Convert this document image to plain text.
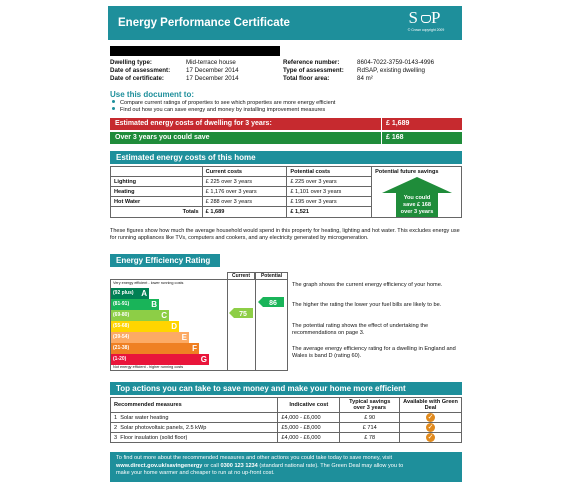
Energy Performance Certificate	S P
© Crown copyright 2009
Dwelling type:	Mid-terrace house
Date of assessment:	17 December 2014
Date of certificate:	17 December 2014
Reference number:	8604-7022-3759-0143-4996
Type of assessment: RdSAP, existing dwelling
Total floor area:	84 m²
Use this document to:
Compare current ratings of properties to see which properties are more energy efficient
Find out how you can save energy and money by installing improvement measures
Estimated energy costs of dwelling for 3 years:	£ 1,689
Over 3 years you could save	£ 168
Estimated energy costs of this home
	Current costs	Potential costs	Potential future savings
Lighting	£ 225 over 3 years	£ 225 over 3 years	You could
save £ 168
over 3 years

Heating	£ 1,176 over 3 years	£ 1,101 over 3 years	
Hot Water	£ 288 over 3 years	£ 195 over 3 years	
Totals	£ 1,689	£ 1,521	
These figures show how much the average household would spend in this property for heating, lighting and hot water. This excludes energy use for running appliances like TVs, computers and cookers, and any electricity generated by microgeneration.
Energy Efficiency Rating
Current	Potential
Very energy efficient - lower running costs
(92 plus) A
(81-91)	B
(69-80)	C
(55-68)	D
(39-54)	E
(21-38)	F
(1-20)	G
Not energy efficient - higher running costs
75
86
The graph shows the current energy efficiency of your home.
The higher the rating the lower your fuel bills are likely to be.
The potential rating shows the effect of undertaking the recommendations on page 3.
The average energy efficiency rating for a dwelling in England and Wales is band D (rating 60).
Top actions you can take to save money and make your home more efficient
Recommended measures	Indicative cost	Typical savings over 3 years	Available with Green Deal
1 Solar water heating	£4,000 - £6,000	£ 90	✓
2 Solar photovoltaic panels, 2.5 kWp	£5,000 - £8,000	£ 714	✓
3 Floor insulation (solid floor)	£4,000 - £6,000	£ 78	✓
To find out more about the recommended measures and other actions you could take today to save money, visit
www.direct.gov.uk/savingenergy or call 0300 123 1234 (standard national rate). The Green Deal may allow you to
make your home warmer and cheaper to run at no up-front cost.
